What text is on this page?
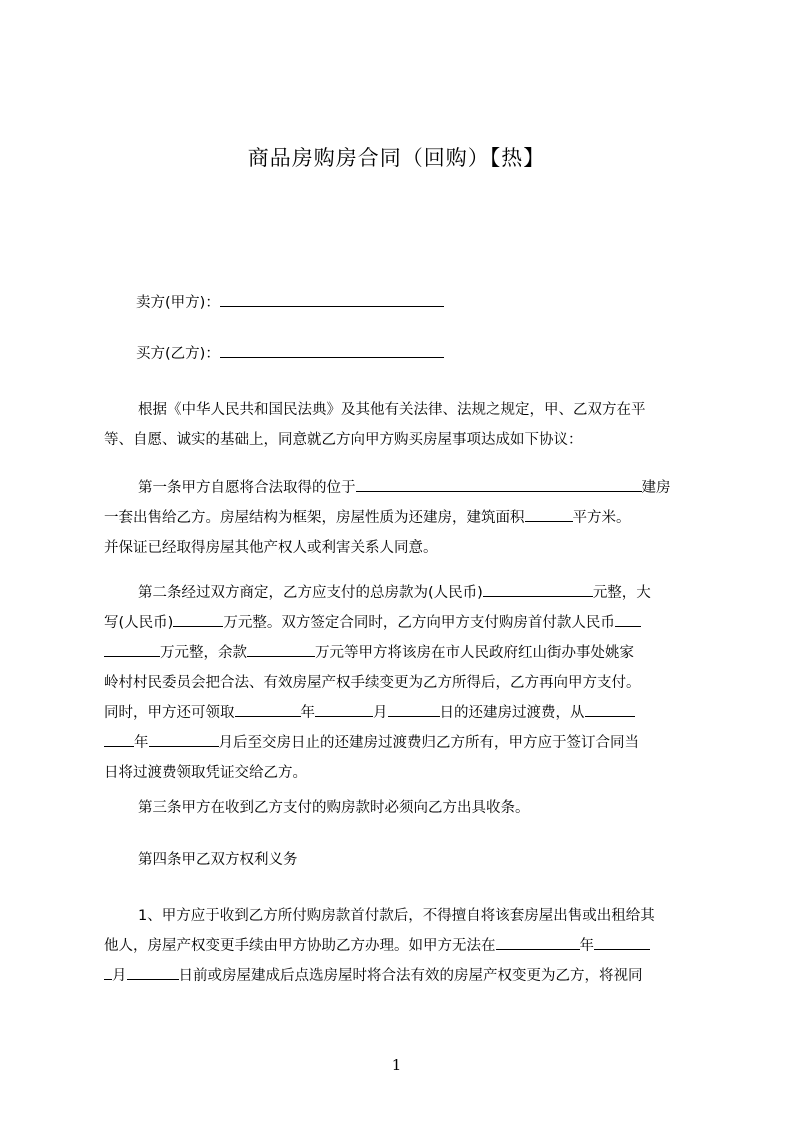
商品房购房合同（回购）【热】
卖方(甲方)：
买方(乙方)：
根据《中华人民共和国民法典》及其他有关法律、法规之规定，甲、乙双方在平
等、自愿、诚实的基础上，同意就乙方向甲方购买房屋事项达成如下协议：
第一条甲方自愿将合法取得的位于	建房
一套出售给乙方。房屋结构为框架，房屋性质为还建房，建筑面积	平方米。
并保证已经取得房屋其他产权人或利害关系人同意。
第二条经过双方商定，乙方应支付的总房款为(人民币)	元整，大
写(人民币)	万元整。双方签定合同时，乙方向甲方支付购房首付款人民币
万元整，余款	万元等甲方将该房在市人民政府红山街办事处姚家
岭村村民委员会把合法、有效房屋产权手续变更为乙方所得后，乙方再向甲方支付。
同时，甲方还可领取	年	月	日的还建房过渡费，从
年	月后至交房日止的还建房过渡费归乙方所有，甲方应于签订合同当
日将过渡费领取凭证交给乙方。
第三条甲方在收到乙方支付的购房款时必须向乙方出具收条。
第四条甲乙双方权利义务
1、甲方应于收到乙方所付购房款首付款后，不得擅自将该套房屋出售或出租给其
他人，房屋产权变更手续由甲方协助乙方办理。如甲方无法在	年
月	日前或房屋建成后点选房屋时将合法有效的房屋产权变更为乙方，将视同
1
